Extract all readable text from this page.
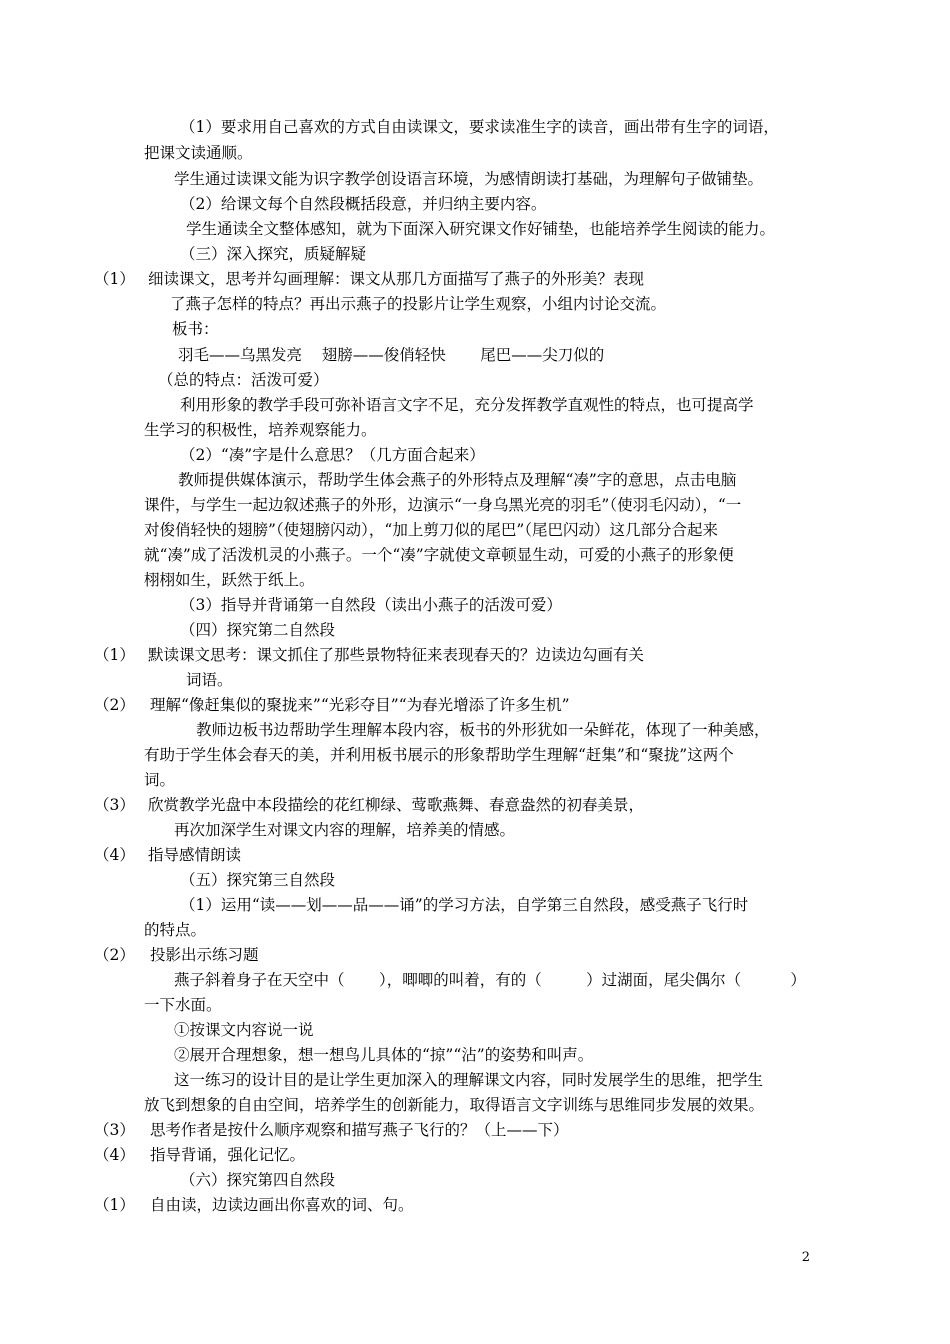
（1）要求用自己喜欢的方式自由读课文，要求读准生字的读音，画出带有生字的词语，
把课文读通顺。
学生通过读课文能为识字教学创设语言环境，为感情朗读打基础，为理解句子做铺垫。
（2）给课文每个自然段概括段意，并归纳主要内容。
学生通读全文整体感知，就为下面深入研究课文作好铺垫，也能培养学生阅读的能力。
（三）深入探究，质疑解疑
（1） 细读课文，思考并勾画理解：课文从那几方面描写了燕子的外形美？表现
了燕子怎样的特点？再出示燕子的投影片让学生观察，小组内讨论交流。
板书：
羽毛——乌黑发亮    翅膀——俊俏轻快       尾巴——尖刀似的
（总的特点：活泼可爱）
利用形象的教学手段可弥补语言文字不足，充分发挥教学直观性的特点，也可提高学
生学习的积极性，培养观察能力。
（2）“凑”字是什么意思？（几方面合起来）
教师提供媒体演示，帮助学生体会燕子的外形特点及理解“凑”字的意思，点击电脑
课件，与学生一起边叙述燕子的外形，边演示“一身乌黑光亮的羽毛”（使羽毛闪动），“一
对俊俏轻快的翅膀”（使翅膀闪动），“加上剪刀似的尾巴”（尾巴闪动）这几部分合起来
就“凑”成了活泼机灵的小燕子。一个“凑”字就使文章顿显生动，可爱的小燕子的形象便
栩栩如生，跃然于纸上。
（3）指导并背诵第一自然段（读出小燕子的活泼可爱）
（四）探究第二自然段
（1） 默读课文思考：课文抓住了那些景物特征来表现春天的？边读边勾画有关
词语。
（2） 理解“像赶集似的聚拢来”“光彩夺目”“为春光增添了许多生机”
教师边板书边帮助学生理解本段内容，板书的外形犹如一朵鲜花，体现了一种美感，
有助于学生体会春天的美，并利用板书展示的形象帮助学生理解“赶集”和“聚拢”这两个
词。
（3） 欣赏教学光盘中本段描绘的花红柳绿、莺歌燕舞、春意盎然的初春美景，
再次加深学生对课文内容的理解，培养美的情感。
（4） 指导感情朗读
（五）探究第三自然段
（1）运用“读——划——品——诵”的学习方法，自学第三自然段，感受燕子飞行时
的特点。
（2） 投影出示练习题
燕子斜着身子在天空中（       ），唧唧的叫着，有的（         ）过湖面，尾尖偶尔（          ）
一下水面。
①按课文内容说一说
②展开合理想象，想一想鸟儿具体的“掠”“沾”的姿势和叫声。
这一练习的设计目的是让学生更加深入的理解课文内容，同时发展学生的思维，把学生
放飞到想象的自由空间，培养学生的创新能力，取得语言文字训练与思维同步发展的效果。
（3） 思考作者是按什么顺序观察和描写燕子飞行的？（上——下）
（4） 指导背诵，强化记忆。
（六）探究第四自然段
（1） 自由读，边读边画出你喜欢的词、句。
2
